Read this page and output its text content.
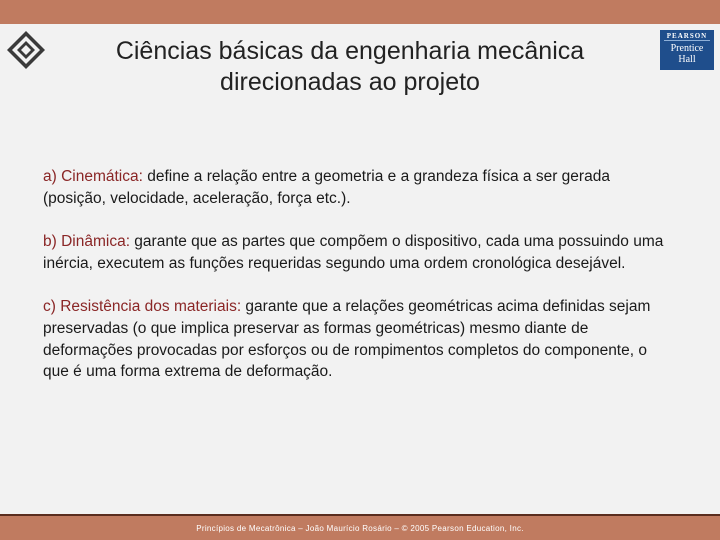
Ciências básicas da engenharia mecânica
direcionadas ao projeto
PEARSON
Prentice
Hall

a) Cinemática: define a relação entre a geometria e a grandeza física a ser gerada (posição, velocidade, aceleração, força etc.).

b) Dinâmica: garante que as partes que compõem o dispositivo, cada uma possuindo uma inércia, executem as funções requeridas segundo uma ordem cronológica desejável.

c) Resistência dos materiais: garante que a relações geométricas acima definidas sejam preservadas (o que implica preservar as formas geométricas) mesmo diante de deformações provocadas por esforços ou de rompimentos completos do componente, o que é uma forma extrema de deformação.

Princípios de Mecatrônica – João Maurício Rosário – © 2005 Pearson Education, Inc.
